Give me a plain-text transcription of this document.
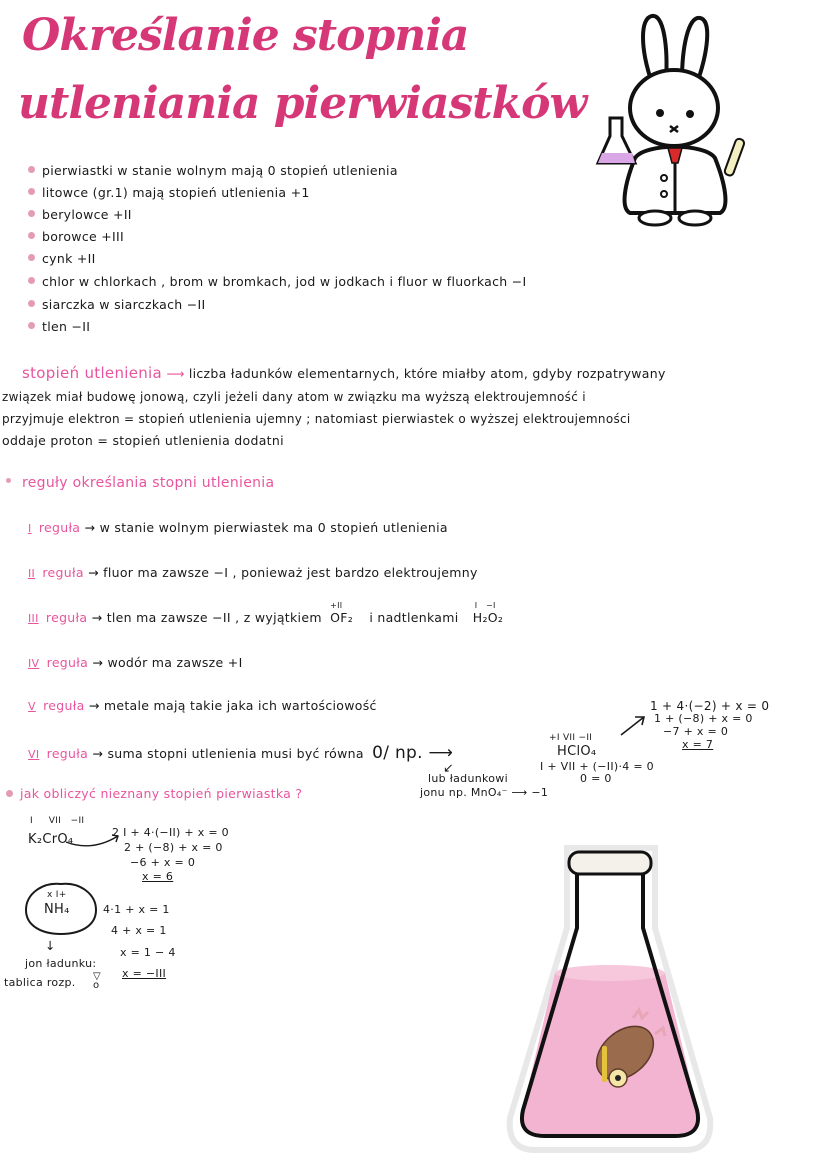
Określanie stopnia
utleniania pierwiastków
pierwiastki w stanie wolnym mają 0 stopień utlenienia
litowce (gr.1) mają stopień utlenienia +1
berylowce +II
borowce +III
cynk +II
chlor w chlorkach , brom w bromkach, jod w jodkach i fluor w fluorkach −I
siarczka w siarczkach −II
tlen −II
stopień utlenienia ⟶ liczba ładunków elementarnych, które miałby atom, gdyby rozpatrywany
związek miał budowę jonową, czyli jeżeli dany atom w związku ma wyższą elektroujemność i
przyjmuje elektron = stopień utlenienia ujemny ; natomiast pierwiastek o wyższej elektroujemności
oddaje proton = stopień utlenienia dodatni
reguły określania stopni utlenienia
I reguła → w stanie wolnym pierwiastek ma 0 stopień utlenienia
II reguła → fluor ma zawsze −I , ponieważ jest bardzo elektroujemny
III reguła → tlen ma zawsze −II , z wyjątkiem
+II
OF₂ i nadtlenkami
I   −I
H₂O₂
IV reguła → wodór ma zawsze +I
V reguła → metale mają takie jaka ich wartościowość
VI reguła → suma stopni utlenienia musi być równa 0/ np. ⟶
+I VII −II
HClO₄
I + VII + (−II)·4 = 0
0 = 0
1 + 4·(−2) + x = 0
1 + (−8) + x = 0
−7 + x = 0
x = 7
↙
lub ładunkowi
jonu np. MnO₄⁻ ⟶ −1
jak obliczyć nieznany stopień pierwiastka ?
I     VII   −II
K₂CrO₄	2 I + 4·(−II) + x = 0
2 + (−8) + x = 0
−6 + x = 0
x = 6
x I+
NH₄	4·1 + x = 1
4 + x = 1
x = 1 − 4
x = −III
↓
jon ładunku:
tablica rozp. ▽
o
